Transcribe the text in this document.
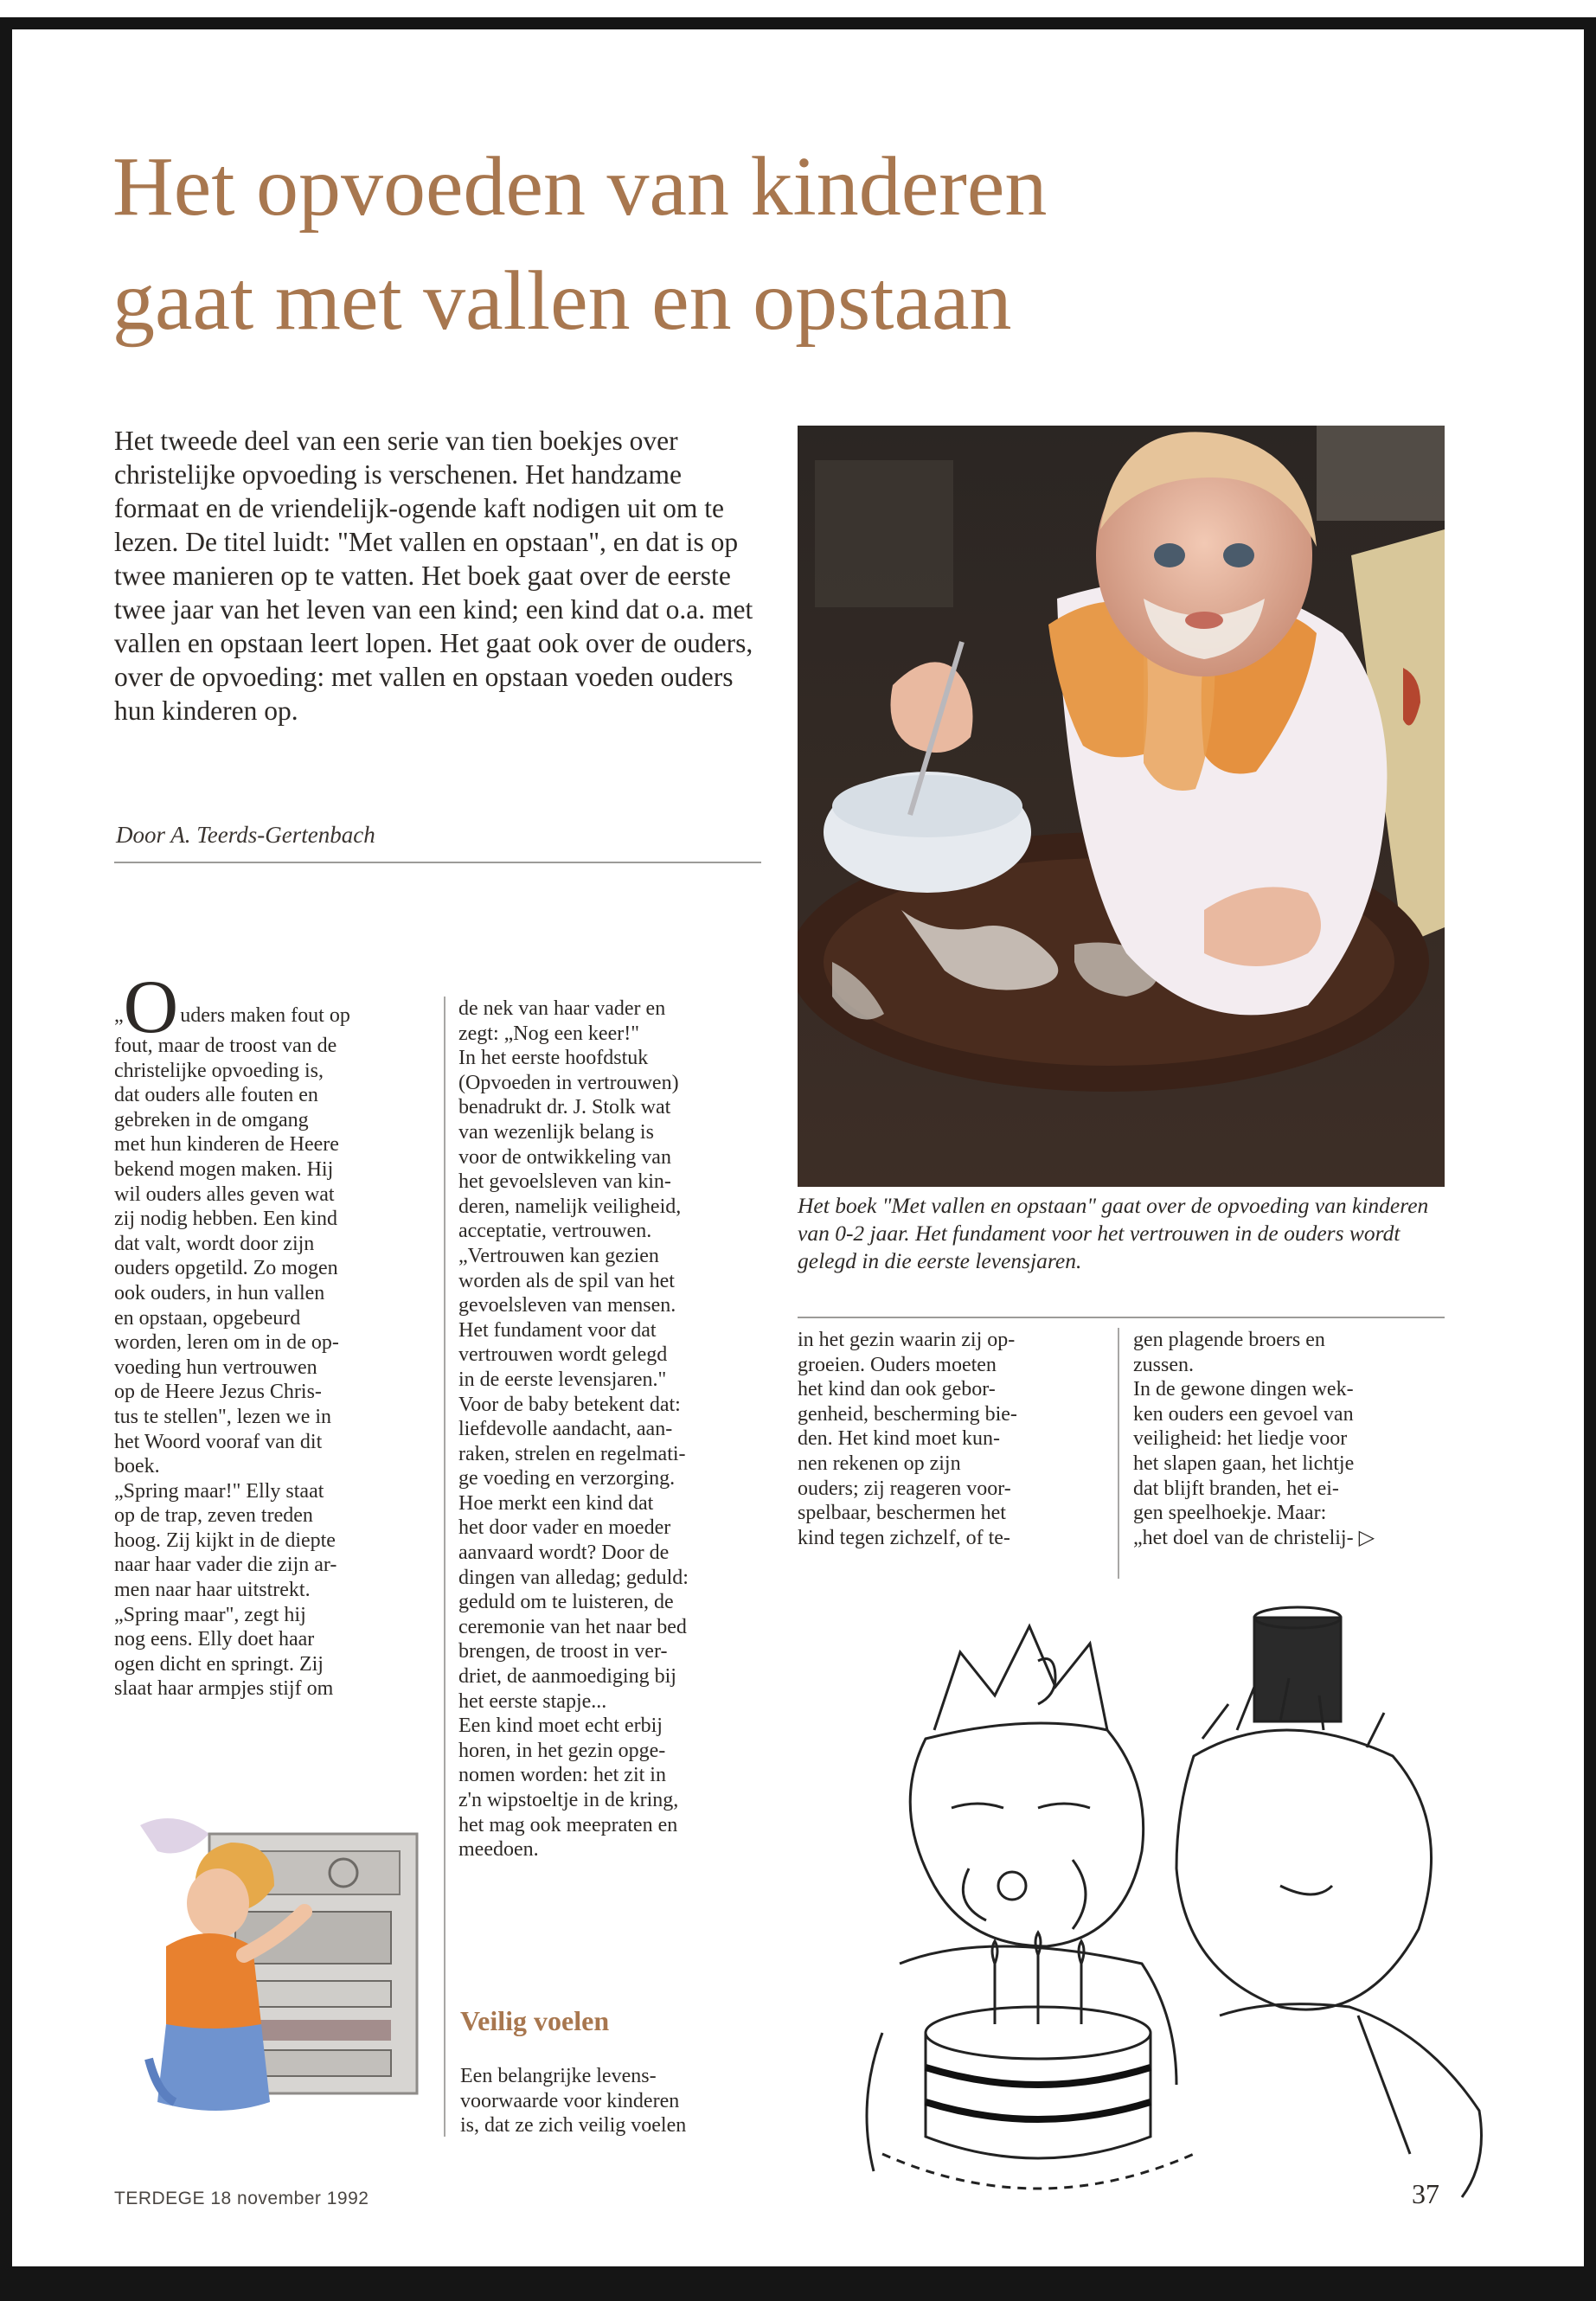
Het opvoeden van kinderen
gaat met vallen en opstaan

Het tweede deel van een serie van tien boekjes over christelijke opvoeding is verschenen. Het handzame formaat en de vriendelijk-ogende kaft nodigen uit om te lezen. De titel luidt: "Met vallen en opstaan", en dat is op twee manieren op te vatten. Het boek gaat over de eerste twee jaar van het leven van een kind; een kind dat o.a. met vallen en opstaan leert lopen. Het gaat ook over de ouders, over de opvoeding: met vallen en opstaan voeden ouders hun kinderen op.

Door A. Teerds-Gertenbach

Het boek "Met vallen en opstaan" gaat over de opvoeding van kinderen van 0-2 jaar. Het fundament voor het vertrouwen in de ouders wordt gelegd in die eerste levensjaren.

„Ouders maken fout op

fout, maar de troost van de

christelijke opvoeding is,

dat ouders alle fouten en

gebreken in de omgang

met hun kinderen de Heere

bekend mogen maken. Hij

wil ouders alles geven wat

zij nodig hebben. Een kind

dat valt, wordt door zijn

ouders opgetild. Zo mogen

ook ouders, in hun vallen

en opstaan, opgebeurd

worden, leren om in de op-

voeding hun vertrouwen

op de Heere Jezus Chris-

tus te stellen", lezen we in

het Woord vooraf van dit

boek.

„Spring maar!" Elly staat

op de trap, zeven treden

hoog. Zij kijkt in de diepte

naar haar vader die zijn ar-

men naar haar uitstrekt.

„Spring maar", zegt hij

nog eens. Elly doet haar

ogen dicht en springt. Zij

slaat haar armpjes stijf om

de nek van haar vader en

zegt: „Nog een keer!"

In het eerste hoofdstuk

(Opvoeden in vertrouwen)

benadrukt dr. J. Stolk wat

van wezenlijk belang is

voor de ontwikkeling van

het gevoelsleven van kin-

deren, namelijk veiligheid,

acceptatie, vertrouwen.

„Vertrouwen kan gezien

worden als de spil van het

gevoelsleven van mensen.

Het fundament voor dat

vertrouwen wordt gelegd

in de eerste levensjaren."

Voor de baby betekent dat:

liefdevolle aandacht, aan-

raken, strelen en regelmati-

ge voeding en verzorging.

Hoe merkt een kind dat

het door vader en moeder

aanvaard wordt? Door de

dingen van alledag; geduld:

geduld om te luisteren, de

ceremonie van het naar bed

brengen, de troost in ver-

driet, de aanmoediging bij

het eerste stapje...

Een kind moet echt erbij

horen, in het gezin opge-

nomen worden: het zit in

z'n wipstoeltje in de kring,

het mag ook meepraten en

meedoen.

Veilig voelen

Een belangrijke levens-

voorwaarde voor kinderen

is, dat ze zich veilig voelen

in het gezin waarin zij op-

groeien. Ouders moeten

het kind dan ook gebor-

genheid, bescherming bie-

den. Het kind moet kun-

nen rekenen op zijn

ouders; zij reageren voor-

spelbaar, beschermen het

kind tegen zichzelf, of te-

gen plagende broers en

zussen.

In de gewone dingen wek-

ken ouders een gevoel van

veiligheid: het liedje voor

het slapen gaan, het lichtje

dat blijft branden, het ei-

gen speelhoekje. Maar:

„het doel van de christelij- ▷

TERDEGE 18 november 1992	37
